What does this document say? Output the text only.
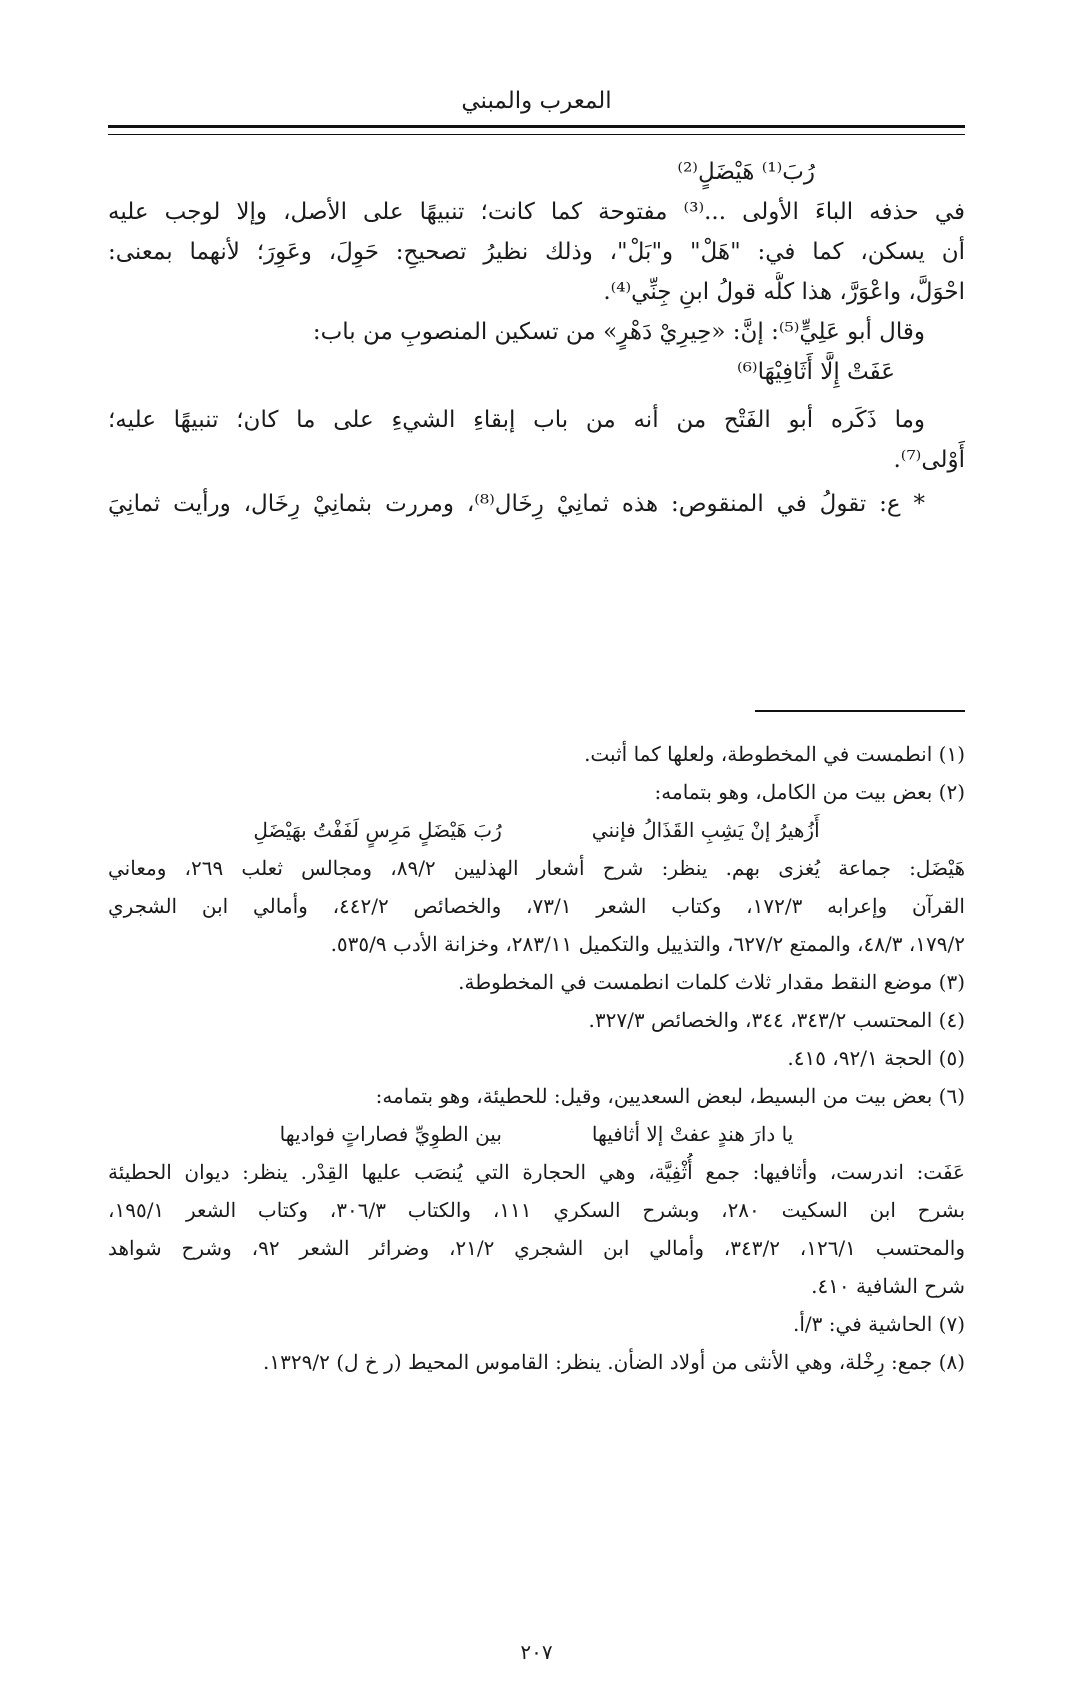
المعرب والمبني
رُبَ⁽¹⁾ هَيْضَلٍ⁽²⁾
في حذفه الباءَ الأولى ...⁽³⁾ مفتوحة كما كانت؛ تنبيهًا على الأصل، وإلا لوجب عليه
أن يسكن، كما في: "هَلْ" و"بَلْ"، وذلك نظيرُ تصحيحِ: حَوِلَ، وعَوِرَ؛ لأنهما بمعنى:
احْوَلَّ، واعْوَرَّ، هذا كلُّه قولُ ابنِ جِنِّي⁽⁴⁾.
وقال أبو عَلِيٍّ⁽⁵⁾: إنَّ: «حِيرِيْ دَهْرٍ» من تسكين المنصوبِ من باب:
عَفَتْ إِلَّا أَثَافِيْهَا⁽⁶⁾
وما ذَكَره أبو الفَتْح من أنه من باب إبقاءِ الشيءِ على ما كان؛ تنبيهًا عليه؛
أَوْلى⁽⁷⁾.
* ع: تقولُ في المنقوص: هذه ثمانِيْ رِخَال⁽⁸⁾، ومررت بثمانِيْ رِخَال، ورأيت ثمانِيَ
(١) انطمست في المخطوطة، ولعلها كما أثبت.
(٢) بعض بيت من الكامل، وهو بتمامه:
أَزُهيرُ إنْ يَشِبِ القَذَالُ فإنني
رُبَ هَيْضَلٍ مَرِسٍ لَفَفْتُ بهَيْضَلِ
هَيْضَل: جماعة يُغزى بهم. ينظر: شرح أشعار الهذليين ٨٩/٢، ومجالس ثعلب ٢٦٩، ومعاني
القرآن وإعرابه ١٧٢/٣، وكتاب الشعر ٧٣/١، والخصائص ٤٤٢/٢، وأمالي ابن الشجري
١٧٩/٢، ٤٨/٣، والممتع ٦٢٧/٢، والتذييل والتكميل ٢٨٣/١١، وخزانة الأدب ٥٣٥/٩.
(٣) موضع النقط مقدار ثلاث كلمات انطمست في المخطوطة.
(٤) المحتسب ٣٤٣/٢، ٣٤٤، والخصائص ٣٢٧/٣.
(٥) الحجة ٩٢/١، ٤١٥.
(٦) بعض بيت من البسيط، لبعض السعديين، وقيل: للحطيئة، وهو بتمامه:
يا دارَ هندٍ عفتْ إلا أثافيها
بين الطوِيِّ فصاراتٍ فواديها
عَفَت: اندرست، وأثافيها: جمع أُثْفِيَّة، وهي الحجارة التي يُنصَب عليها القِدْر. ينظر: ديوان الحطيئة
بشرح ابن السكيت ٢٨٠، وبشرح السكري ١١١، والكتاب ٣٠٦/٣، وكتاب الشعر ١٩٥/١،
والمحتسب ١٢٦/١، ٣٤٣/٢، وأمالي ابن الشجري ٢١/٢، وضرائر الشعر ٩٢، وشرح شواهد
شرح الشافية ٤١٠.
(٧) الحاشية في: ٣/أ.
(٨) جمع: رِخْلة، وهي الأنثى من أولاد الضأن. ينظر: القاموس المحيط (ر خ ل) ١٣٢٩/٢.
٢٠٧
